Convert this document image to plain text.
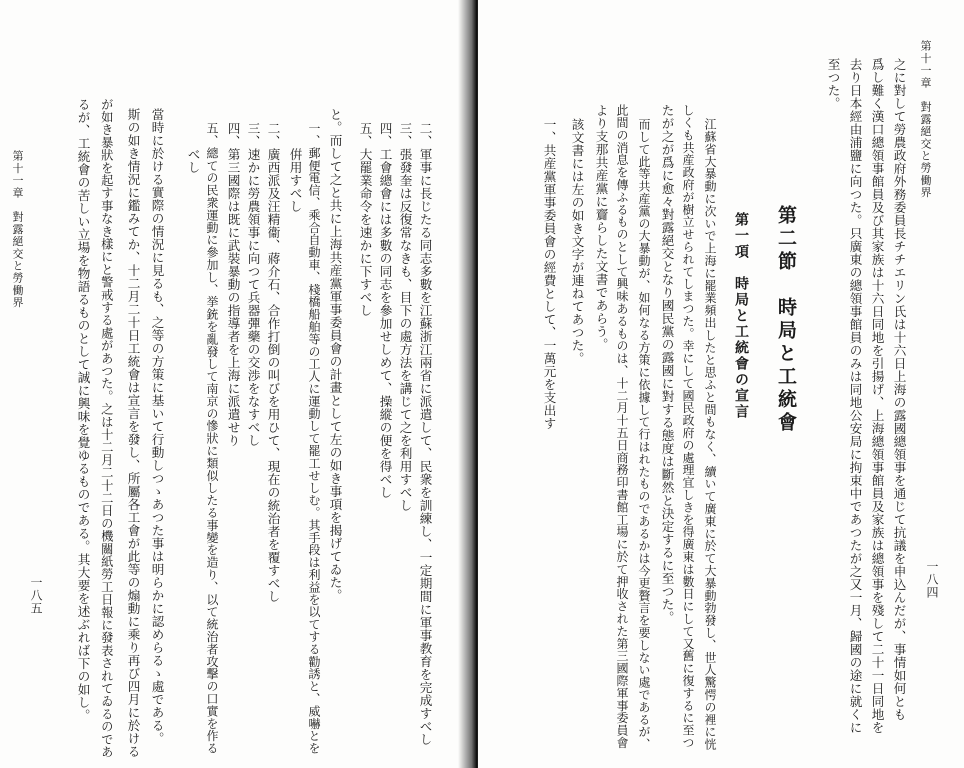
第十一章　對露絕交と勞働界	二、軍事に長じたる同志多數を江蘇浙江兩省に派遣して、民衆を訓練し、一定期間に軍事教育を完成すべし
三、張發奎は反復常なきも、目下の處方法を講じて之を利用すべし
四、工會總會には多數の同志を參加せしめて、操縱の便を得べし
五、大罷業命令を速かに下すべし
と。而して之と共に上海共産黨軍事委員會の計畫として左の如き事項を揭げてゐた。
一、郵便電信、乘合自動車、棧橋船舶等の工人に運動して罷工せしむ。其手段は利益を以てする勸誘と、威嚇とを
倂用すべし
二、廣西派及汪精衞、蔣介石、合作打倒の叫びを用ひて、現在の統治者を覆すべし
三、速かに勞農領事に向つて兵器彈藥の交渉をなすべし
四、第三國際は既に武裝暴動の指導者を上海に派遣せり
五、總ての民衆運動に參加し、挙銃を亂發して南京の慘狀に類似したる事變を造り、以て統治者攻擊の口實を作る
べし
當時に於ける實際の情況に見るも、之等の方策に基いて行動しつゝあつた事は明らかに認めらるゝ處である。
斯の如き情況に鑑みてか、十二月二十日工統會は宣言を發し、所屬各工會が此等の煽動に乘り再び四月に於ける
が如き暴狀を起す事なき樣にと警戒する處があつた。之は十二月二十二日の機關紙勞工日報に發表されてゐるのであ
るが、工統會の苦しい立場を物語るものとして誠に興味を覺ゆるものである。其大要を述ぶれば下の如し。
一八五
第十一章　對露絕交と勞働界
之に對して勞農政府外務委員長チチエリン氏は十六日上海の露國總領事を通じて抗議を申込んだが、事情如何とも
爲し難く漢口總領事館員及び其家族は十六日同地を引揚げ、上海總領事館員及家族は總領事を殘して二十一日同地を
去り日本經由浦鹽に向つた。只廣東の總領事館員のみは同地公安局に拘束中であつたが之又一月、歸國の途に就くに
至つた。
第二節　時局と工統會
第一項　時局と工統會の宣言
江蘇省大暴動に次いで上海に罷業頻出したと思ふと間もなく、續いて廣東に於て大暴動勃發し、世人驚愕の裡に恍
しくも共産政府が樹立せられてしまつた。幸にして國民政府の處理宜しきを得廣東は數日にして又舊に復するに至つ
たが之が爲に愈々對露絕交となり國民黨の露國に對する態度は斷然と決定するに至つた。
而して此等共産黨の大暴動が、如何なる方策に依據して行はれたものであるかは今更贅言を要しない處であるが、
此間の消息を傳ふるものとして興味あるものは、十二月十五日商務印書館工場に於て押收された第三國際軍事委員會
より支那共産黨に齎らした文書であらう。
該文書には左の如き文字が連ねてあつた。
一、共産黨軍事委員會の經費として、一萬元を支出す
一八四
